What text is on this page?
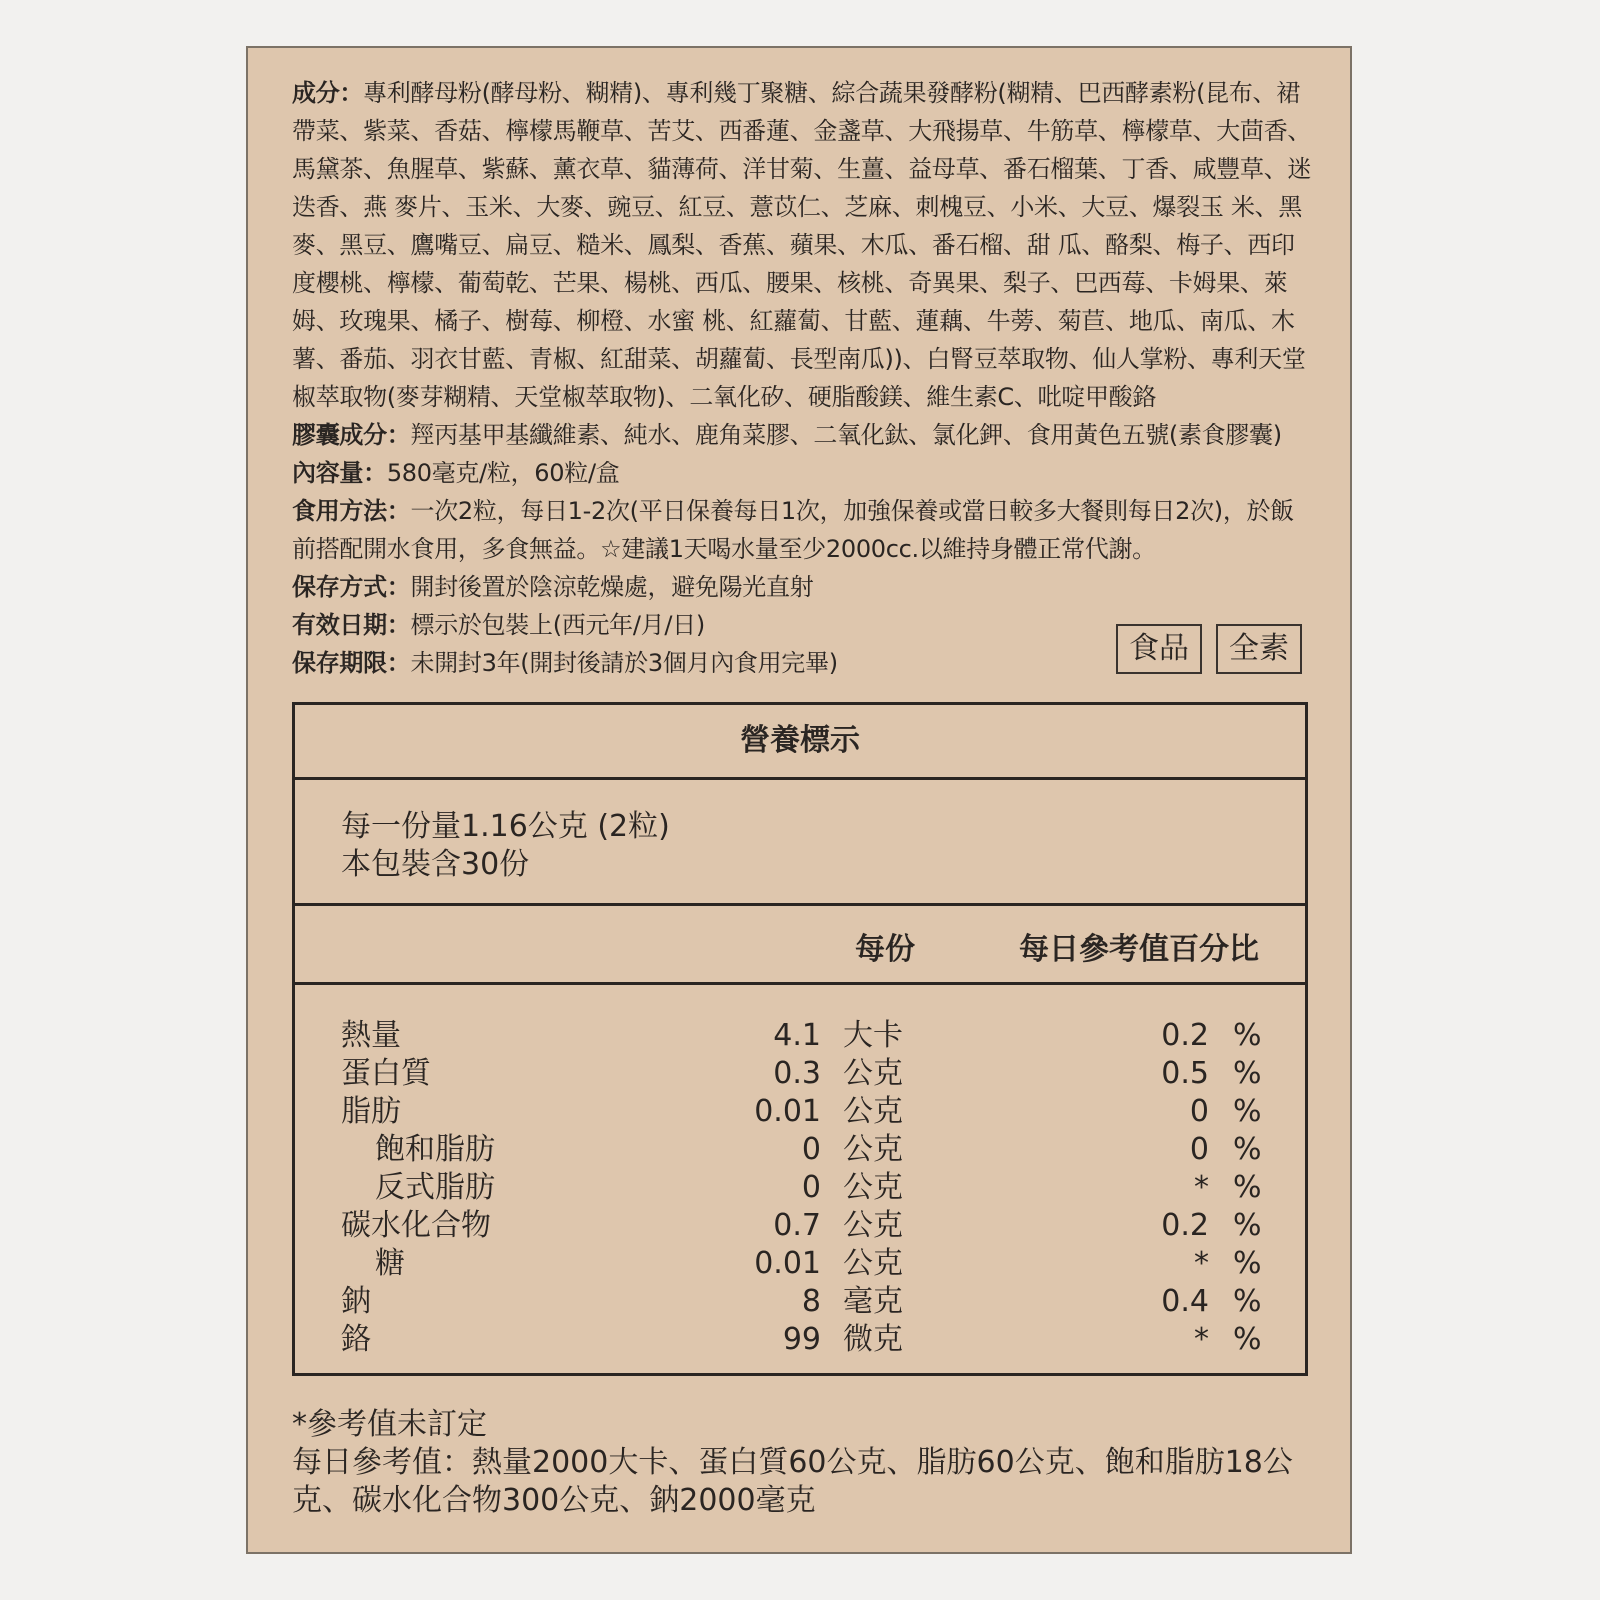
成分：專利酵母粉(酵母粉、糊精)、專利幾丁聚糖、綜合蔬果發酵粉(糊精、巴西酵素粉(昆布、裙帶菜、紫菜、香菇、檸檬馬鞭草、苦艾、西番蓮、金盞草、大飛揚草、牛筋草、檸檬草、大茴香、馬黛茶、魚腥草、紫蘇、薰衣草、貓薄荷、洋甘菊、生薑、益母草、番石榴葉、丁香、咸豐草、迷迭香、燕 麥片、玉米、大麥、豌豆、紅豆、薏苡仁、芝麻、刺槐豆、小米、大豆、爆裂玉 米、黑麥、黑豆、鷹嘴豆、扁豆、糙米、鳳梨、香蕉、蘋果、木瓜、番石榴、甜 瓜、酪梨、梅子、西印度櫻桃、檸檬、葡萄乾、芒果、楊桃、西瓜、腰果、核桃、奇異果、梨子、巴西莓、卡姆果、萊姆、玫瑰果、橘子、樹莓、柳橙、水蜜 桃、紅蘿蔔、甘藍、蓮藕、牛蒡、菊苣、地瓜、南瓜、木薯、番茄、羽衣甘藍、青椒、紅甜菜、胡蘿蔔、長型南瓜))、白腎豆萃取物、仙人掌粉、專利天堂椒萃取物(麥芽糊精、天堂椒萃取物)、二氧化矽、硬脂酸鎂、維生素C、吡啶甲酸鉻

膠囊成分：羥丙基甲基纖維素、純水、鹿角菜膠、二氧化鈦、氯化鉀、食用黃色五號(素食膠囊)

內容量：580毫克/粒，60粒/盒

食用方法：一次2粒，每日1-2次(平日保養每日1次，加強保養或當日較多大餐則每日2次)，於飯前搭配開水食用，多食無益。☆建議1天喝水量至少2000cc.以維持身體正常代謝。

保存方式：開封後置於陰涼乾燥處，避免陽光直射

有效日期：標示於包裝上(西元年/月/日)

保存期限：未開封3年(開封後請於3個月內食用完畢)	食品	全素
營養標示
每一份量1.16公克 (2粒)
本包裝含30份
每份	每日參考值百分比
熱量	4.1 大卡	0.2 %
蛋白質	0.3 公克	0.5 %
脂肪	0.01 公克	0 %
飽和脂肪	0 公克	0 %
反式脂肪	0 公克	* %
碳水化合物	0.7 公克	0.2 %
糖	0.01 公克	* %
鈉	8 毫克	0.4 %
鉻	99 微克	* %
*參考值未訂定
每日參考值：熱量2000大卡、蛋白質60公克、脂肪60公克、飽和脂肪18公克、碳水化合物300公克、鈉2000毫克
